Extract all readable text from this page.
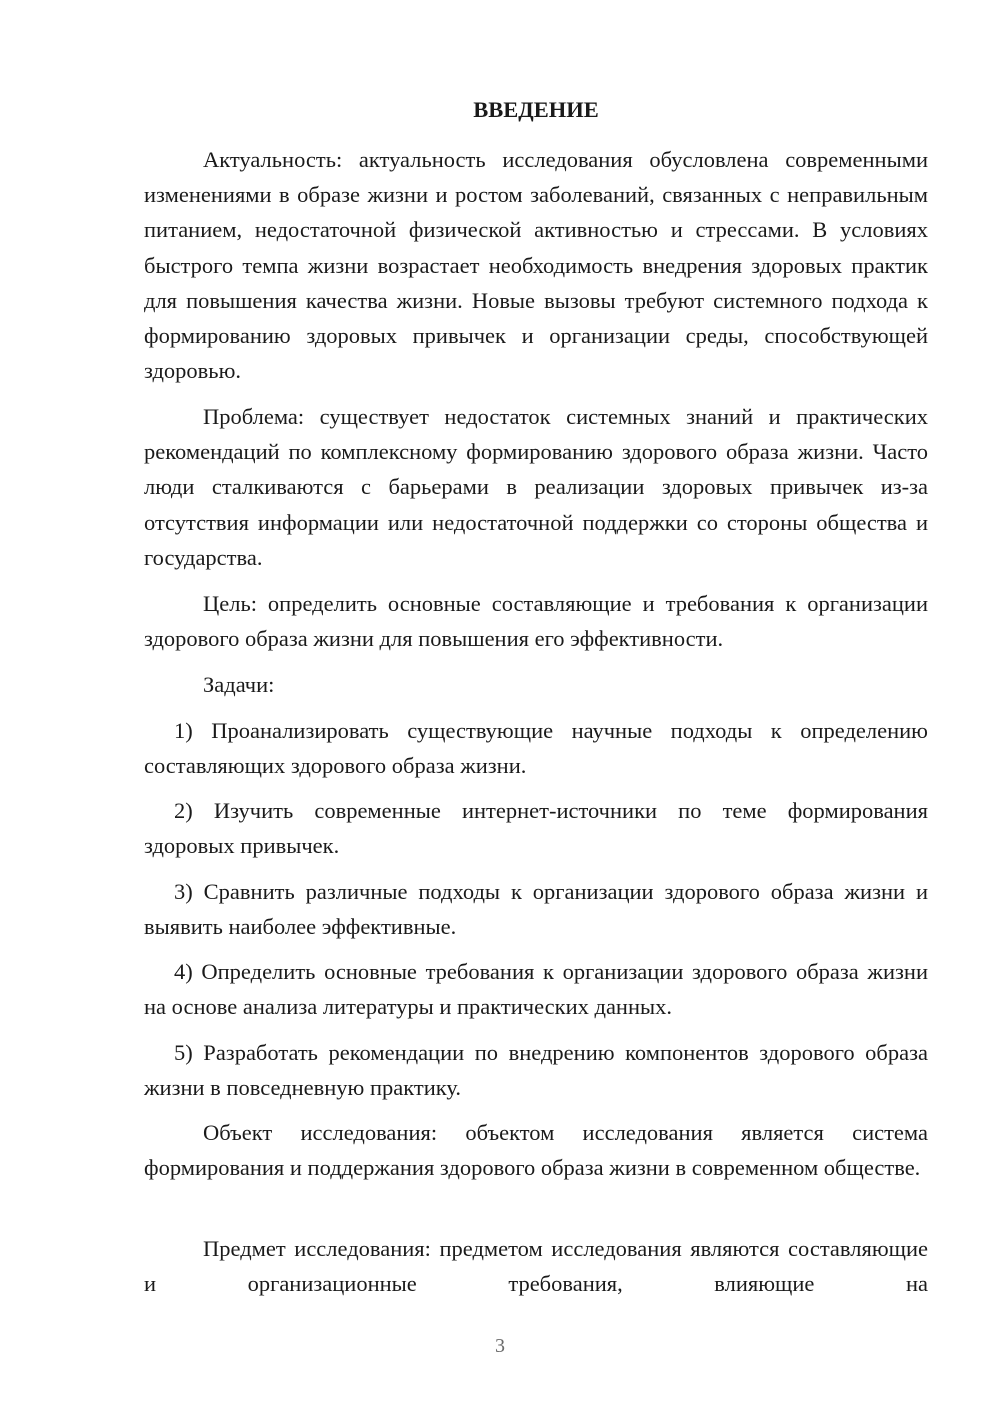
ВВЕДЕНИЕ

Актуальность: актуальность исследования обусловлена современными изменениями в образе жизни и ростом заболеваний, связанных с неправильным питанием, недостаточной физической активностью и стрессами. В условиях быстрого темпа жизни возрастает необходимость внедрения здоровых практик для повышения качества жизни. Новые вызовы требуют системного подхода к формированию здоровых привычек и организации среды, способствующей здоровью.

Проблема: существует недостаток системных знаний и практических рекомендаций по комплексному формированию здорового образа жизни. Часто люди сталкиваются с барьерами в реализации здоровых привычек из-за отсутствия информации или недостаточной поддержки со стороны общества и государства.

Цель: определить основные составляющие и требования к организации здорового образа жизни для повышения его эффективности.

Задачи:

1) Проанализировать существующие научные подходы к определению составляющих здорового образа жизни.

2) Изучить современные интернет-источники по теме формирования здоровых привычек.

3) Сравнить различные подходы к организации здорового образа жизни и выявить наиболее эффективные.

4) Определить основные требования к организации здорового образа жизни на основе анализа литературы и практических данных.

5) Разработать рекомендации по внедрению компонентов здорового образа жизни в повседневную практику.

Объект исследования: объектом исследования является система формирования и поддержания здорового образа жизни в современном обществе.

Предмет исследования: предметом исследования являются составляющие и организационные требования, влияющие на

3
